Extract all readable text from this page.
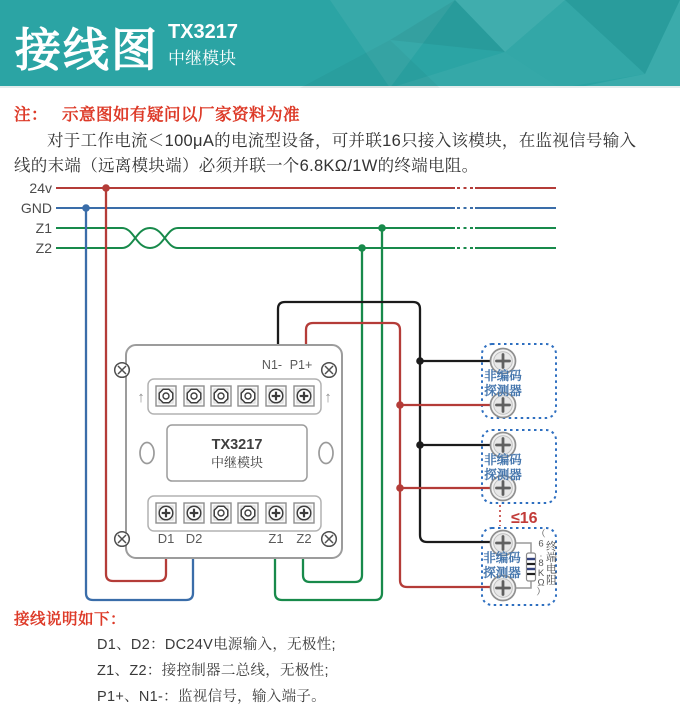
接线图 TX3217
中继模块
注： 示意图如有疑问以厂家资料为准
对于工作电流＜100μA的电流型设备，可并联16只接入该模块，在监视信号输入
线的末端（远离模块端）必须并联一个6.8KΩ/1W的终端电阻。
24v
GND
Z1
Z2
↑	↑
N1- P1+
D1 D2	Z1 Z2
TX3217
中继模块
非编码
探测器
非编码
探测器
非编码
探测器
≤16
（ 6 . 8 K Ω ）
终端电阻
接线说明如下：
D1、D2：DC24V电源输入，无极性;
Z1、Z2：接控制器二总线，无极性;
P1+、N1-：监视信号，输入端子。
